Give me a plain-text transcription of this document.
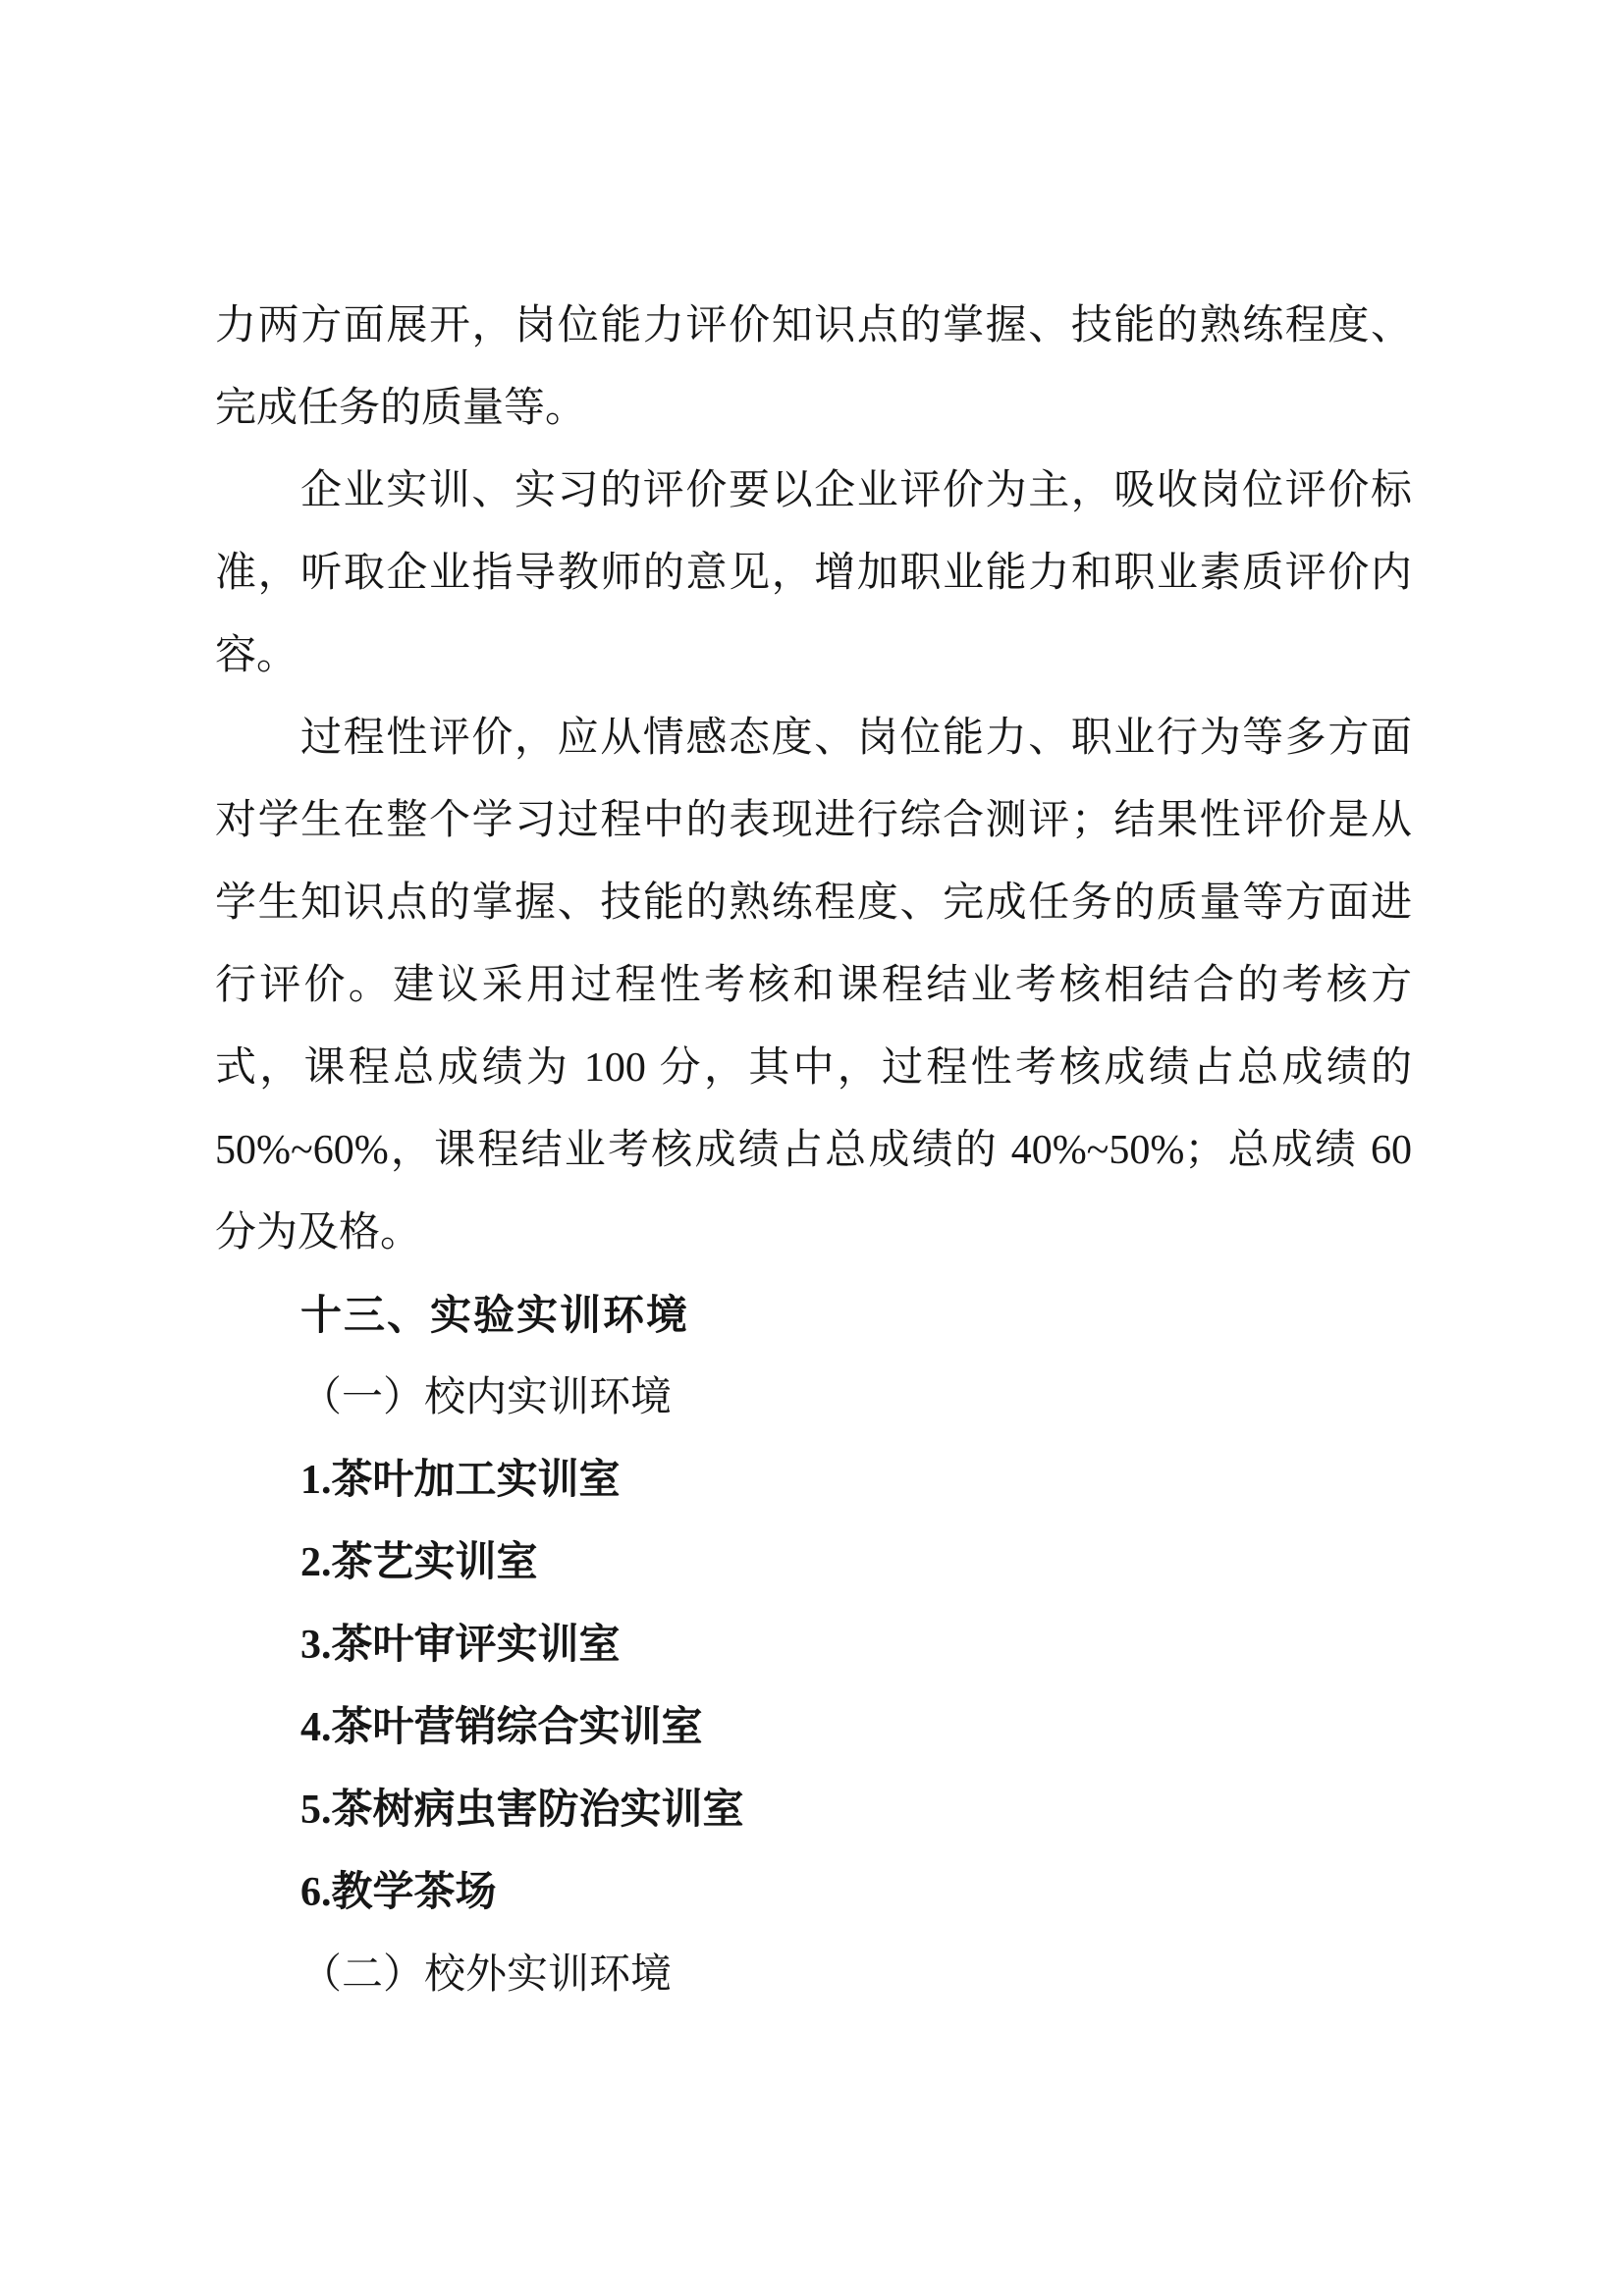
力两方面展开，岗位能力评价知识点的掌握、技能的熟练程度、
完成任务的质量等。
企业实训、实习的评价要以企业评价为主，吸收岗位评价标
准，听取企业指导教师的意见，增加职业能力和职业素质评价内
容。
过程性评价，应从情感态度、岗位能力、职业行为等多方面
对学生在整个学习过程中的表现进行综合测评；结果性评价是从
学生知识点的掌握、技能的熟练程度、完成任务的质量等方面进
行评价。建议采用过程性考核和课程结业考核相结合的考核方
式，课程总成绩为 100 分，其中，过程性考核成绩占总成绩的
50%~60%，课程结业考核成绩占总成绩的 40%~50%；总成绩 60
分为及格。
十三、实验实训环境
（一）校内实训环境
1.茶叶加工实训室
2.茶艺实训室
3.茶叶审评实训室
4.茶叶营销综合实训室
5.茶树病虫害防治实训室
6.教学茶场
（二）校外实训环境
